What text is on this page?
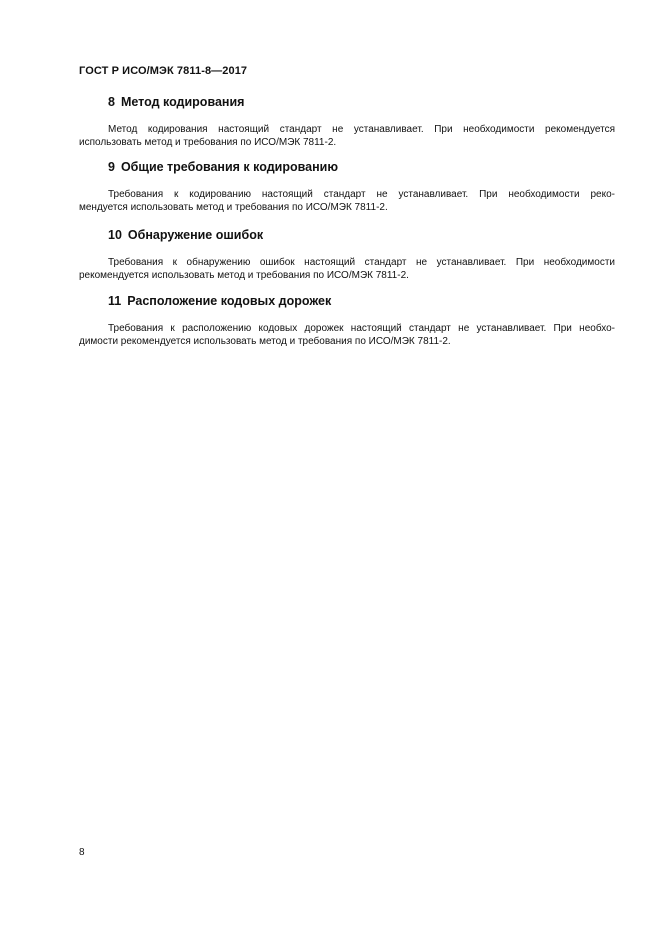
ГОСТ Р ИСО/МЭК 7811-8—2017
8 Метод кодирования

Метод кодирования настоящий стандарт не устанавливает. При необходимости рекомендуется
использовать метод и требования по ИСО/МЭК 7811-2.

9 Общие требования к кодированию

Требования к кодированию настоящий стандарт не устанавливает. При необходимости реко-
мендуется использовать метод и требования по ИСО/МЭК 7811-2.

10 Обнаружение ошибок

Требования к обнаружению ошибок настоящий стандарт не устанавливает. При необходимости
рекомендуется использовать метод и требования по ИСО/МЭК 7811-2.

11 Расположение кодовых дорожек

Требования к расположению кодовых дорожек настоящий стандарт не устанавливает. При необхо-
димости рекомендуется использовать метод и требования по ИСО/МЭК 7811-2.

8
